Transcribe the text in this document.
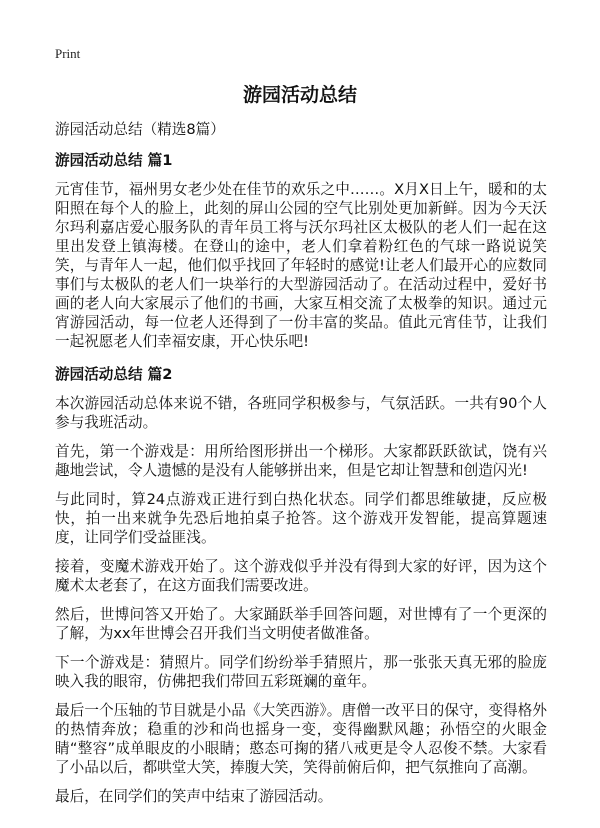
Print
游园活动总结
游园活动总结（精选8篇）
游园活动总结 篇1

元宵佳节，福州男女老少处在佳节的欢乐之中……。X月X日上午，暖和的太阳照在每个人的脸上，此刻的屏山公园的空气比别处更加新鲜。因为今天沃尔玛利嘉店爱心服务队的青年员工将与沃尔玛社区太极队的老人们一起在这里出发登上镇海楼。在登山的途中，老人们拿着粉红色的气球一路说说笑笑，与青年人一起，他们似乎找回了年轻时的感觉!让老人们最开心的应数同事们与太极队的老人们一块举行的大型游园活动了。在活动过程中，爱好书画的老人向大家展示了他们的书画，大家互相交流了太极拳的知识。通过元宵游园活动，每一位老人还得到了一份丰富的奖品。值此元宵佳节，让我们一起祝愿老人们幸福安康，开心快乐吧!

游园活动总结 篇2

本次游园活动总体来说不错，各班同学积极参与，气氛活跃。一共有90个人参与我班活动。

首先，第一个游戏是：用所给图形拼出一个梯形。大家都跃跃欲试，饶有兴趣地尝试，令人遗憾的是没有人能够拼出来，但是它却让智慧和创造闪光!

与此同时，算24点游戏正进行到白热化状态。同学们都思维敏捷，反应极快，拍一出来就争先恐后地拍桌子抢答。这个游戏开发智能，提高算题速度，让同学们受益匪浅。

接着，变魔术游戏开始了。这个游戏似乎并没有得到大家的好评，因为这个魔术太老套了，在这方面我们需要改进。

然后，世博问答又开始了。大家踊跃举手回答问题，对世博有了一个更深的了解，为xx年世博会召开我们当文明使者做准备。

下一个游戏是：猜照片。同学们纷纷举手猜照片，那一张张天真无邪的脸庞映入我的眼帘，仿佛把我们带回五彩斑斓的童年。

最后一个压轴的节目就是小品《大笑西游》。唐僧一改平日的保守，变得格外的热情奔放；稳重的沙和尚也摇身一变，变得幽默风趣；孙悟空的火眼金睛“整容”成单眼皮的小眼睛；憨态可掬的猪八戒更是令人忍俊不禁。大家看了小品以后，都哄堂大笑，捧腹大笑，笑得前俯后仰，把气氛推向了高潮。

最后，在同学们的笑声中结束了游园活动。
